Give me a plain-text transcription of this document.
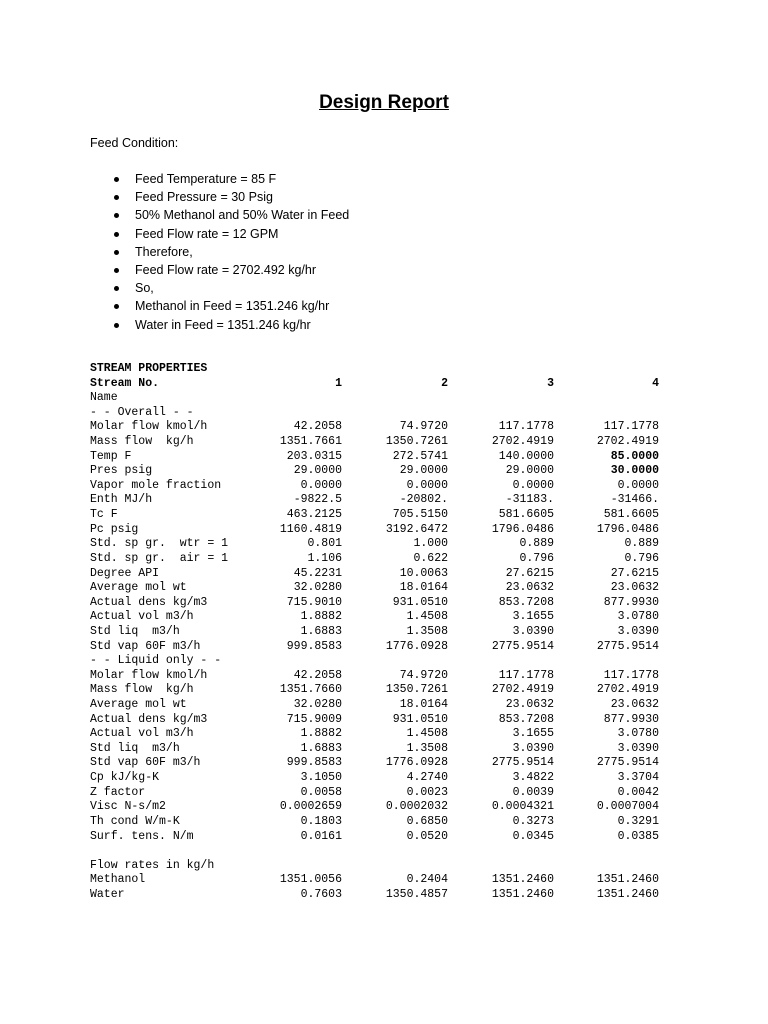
Design Report
Feed Condition:
Feed Temperature = 85 F
Feed Pressure = 30 Psig
50% Methanol and 50% Water in Feed
Feed Flow rate = 12 GPM
Therefore,
Feed Flow rate = 2702.492 kg/hr
So,
Methanol in Feed = 1351.246 kg/hr
Water in Feed = 1351.246 kg/hr
STREAM PROPERTIES
Stream No.	1	2	3	4
Name
- - Overall - -
Molar flow kmol/h	42.2058	74.9720	117.1778	117.1778
Mass flow  kg/h	1351.7661	1350.7261	2702.4919	2702.4919
Temp F	203.0315	272.5741	140.0000	85.0000
Pres psig	29.0000	29.0000	29.0000	30.0000
Vapor mole fraction	0.0000	0.0000	0.0000	0.0000
Enth MJ/h	-9822.5	-20802.	-31183.	-31466.
Tc F	463.2125	705.5150	581.6605	581.6605
Pc psig	1160.4819	3192.6472	1796.0486	1796.0486
Std. sp gr.  wtr = 1	0.801	1.000	0.889	0.889
Std. sp gr.  air = 1	1.106	0.622	0.796	0.796
Degree API	45.2231	10.0063	27.6215	27.6215
Average mol wt	32.0280	18.0164	23.0632	23.0632
Actual dens kg/m3	715.9010	931.0510	853.7208	877.9930
Actual vol m3/h	1.8882	1.4508	3.1655	3.0780
Std liq  m3/h	1.6883	1.3508	3.0390	3.0390
Std vap 60F m3/h	999.8583	1776.0928	2775.9514	2775.9514
- - Liquid only - -
Molar flow kmol/h	42.2058	74.9720	117.1778	117.1778
Mass flow  kg/h	1351.7660	1350.7261	2702.4919	2702.4919
Average mol wt	32.0280	18.0164	23.0632	23.0632
Actual dens kg/m3	715.9009	931.0510	853.7208	877.9930
Actual vol m3/h	1.8882	1.4508	3.1655	3.0780
Std liq  m3/h	1.6883	1.3508	3.0390	3.0390
Std vap 60F m3/h	999.8583	1776.0928	2775.9514	2775.9514
Cp kJ/kg-K	3.1050	4.2740	3.4822	3.3704
Z factor	0.0058	0.0023	0.0039	0.0042
Visc N-s/m2	0.0002659	0.0002032	0.0004321	0.0007004
Th cond W/m-K	0.1803	0.6850	0.3273	0.3291
Surf. tens. N/m	0.0161	0.0520	0.0345	0.0385
Flow rates in kg/h
Methanol	1351.0056	0.2404	1351.2460	1351.2460
Water	0.7603	1350.4857	1351.2460	1351.2460
